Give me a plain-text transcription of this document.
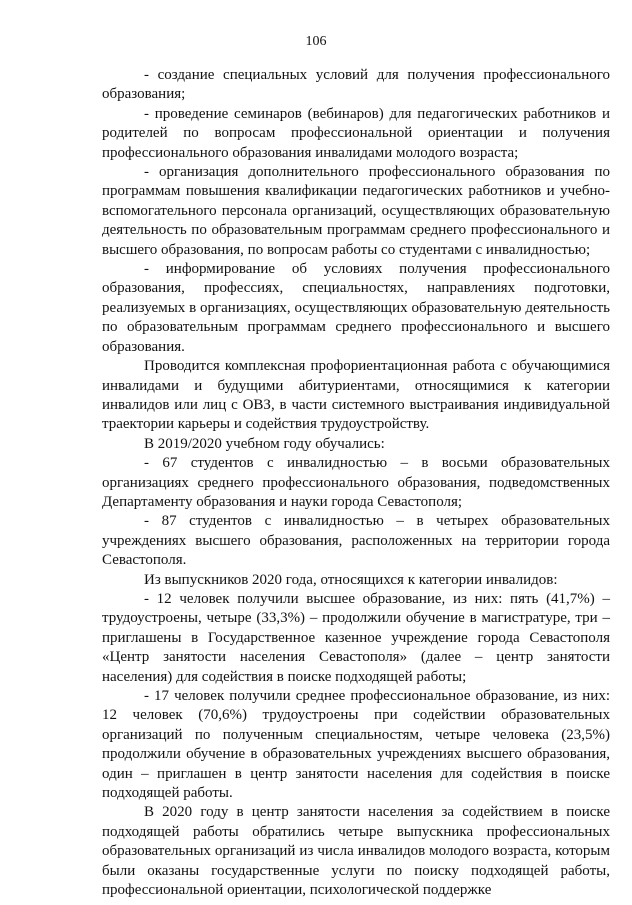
106

- создание специальных условий для получения профессионального образования;

- проведение семинаров (вебинаров) для педагогических работников и родителей по вопросам профессиональной ориентации и получения профессионального образования инвалидами молодого возраста;

- организация дополнительного профессионального образования по программам повышения квалификации педагогических работников и учебно-вспомогательного персонала организаций, осуществляющих образовательную деятельность по образовательным программам среднего профессионального и высшего образования, по вопросам работы со студентами с инвалидностью;

- информирование об условиях получения профессионального образования, профессиях, специальностях, направлениях подготовки, реализуемых в организациях, осуществляющих образовательную деятельность по образовательным программам среднего профессионального и высшего образования.

Проводится комплексная профориентационная работа с обучающимися инвалидами и будущими абитуриентами, относящимися к категории инвалидов или лиц с ОВЗ, в части системного выстраивания индивидуальной траектории карьеры и содействия трудоустройству.

В 2019/2020 учебном году обучались:

- 67 студентов с инвалидностью – в восьми образовательных организациях среднего профессионального образования, подведомственных Департаменту образования и науки города Севастополя;

- 87 студентов с инвалидностью – в четырех образовательных учреждениях высшего образования, расположенных на территории города Севастополя.

Из выпускников 2020 года, относящихся к категории инвалидов:

- 12 человек получили высшее образование, из них: пять (41,7%) – трудоустроены, четыре (33,3%) – продолжили обучение в магистратуре, три – приглашены в Государственное казенное учреждение города Севастополя «Центр занятости населения Севастополя» (далее – центр занятости населения) для содействия в поиске подходящей работы;

- 17 человек получили среднее профессиональное образование, из них: 12 человек (70,6%) трудоустроены при содействии образовательных организаций по полученным специальностям, четыре человека (23,5%) продолжили обучение в образовательных учреждениях высшего образования, один – приглашен в центр занятости населения для содействия в поиске подходящей работы.

В 2020 году в центр занятости населения за содействием в поиске подходящей работы обратились четыре выпускника профессиональных образовательных организаций из числа инвалидов молодого возраста, которым были оказаны государственные услуги по поиску подходящей работы, профессиональной ориентации, психологической поддержке
